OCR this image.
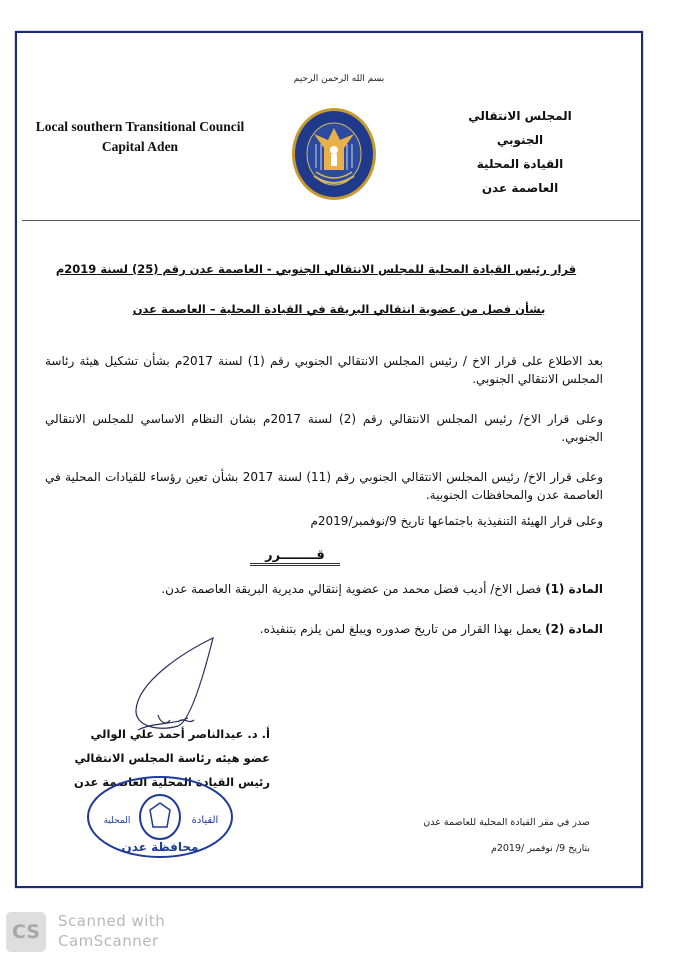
بسم الله الرحمن الرحيم
Local southern Transitional Council
Capital Aden
المجلس الانتقالي الجنوبي
القيادة المحلية
العاصمة عدن
قرار رئيس القيادة المحلية للمجلس الانتقالي الجنوبي - العاصمة عدن رقم (25) لسنة 2019م
بشأن فصل من عضوية انتقالي البريقة في القيادة المحلية – العاصمة عدن
بعد الاطلاع على قرار الاخ / رئيس المجلس الانتقالي الجنوبي رقم (1) لسنة 2017م بشأن تشكيل هيئة رئاسة المجلس الانتقالي الجنوبي.
وعلى قرار الاخ/ رئيس المجلس الانتقالي رقم (2) لسنة 2017م بشان النظام الاساسي للمجلس الانتقالي الجنوبي.
وعلى قرار الاخ/ رئيس المجلس الانتقالي الجنوبي رقم (11) لسنة 2017 بشأن تعين رؤساء للقيادات المحلية في العاصمة عدن والمحافظات الجنوبية.
وعلى قرار الهيئة التنفيذية باجتماعها تاريخ 9/نوفمبر/2019م
قــــــــرر
المادة (1) فصل الاخ/ أديب فضل محمد من عضوية إنتقالي مديرية البريقة العاصمة عدن.
المادة (2) يعمل بهذا القرار من تاريخ صدوره ويبلغ لمن يلزم بتنفيذه.
أ. د. عبدالناصر أحمد علي الوالي
عضو هيئه رئاسة المجلس الانتقالي
رئيس القيادة المحلية العاصمة عدن
القيادة
المحلية
محافظة عدن
صدر في مقر القيادة المحلية للعاصمة عدن
بتاريخ 9/ نوفمبر /2019م
CS	Scanned with
CamScanner
